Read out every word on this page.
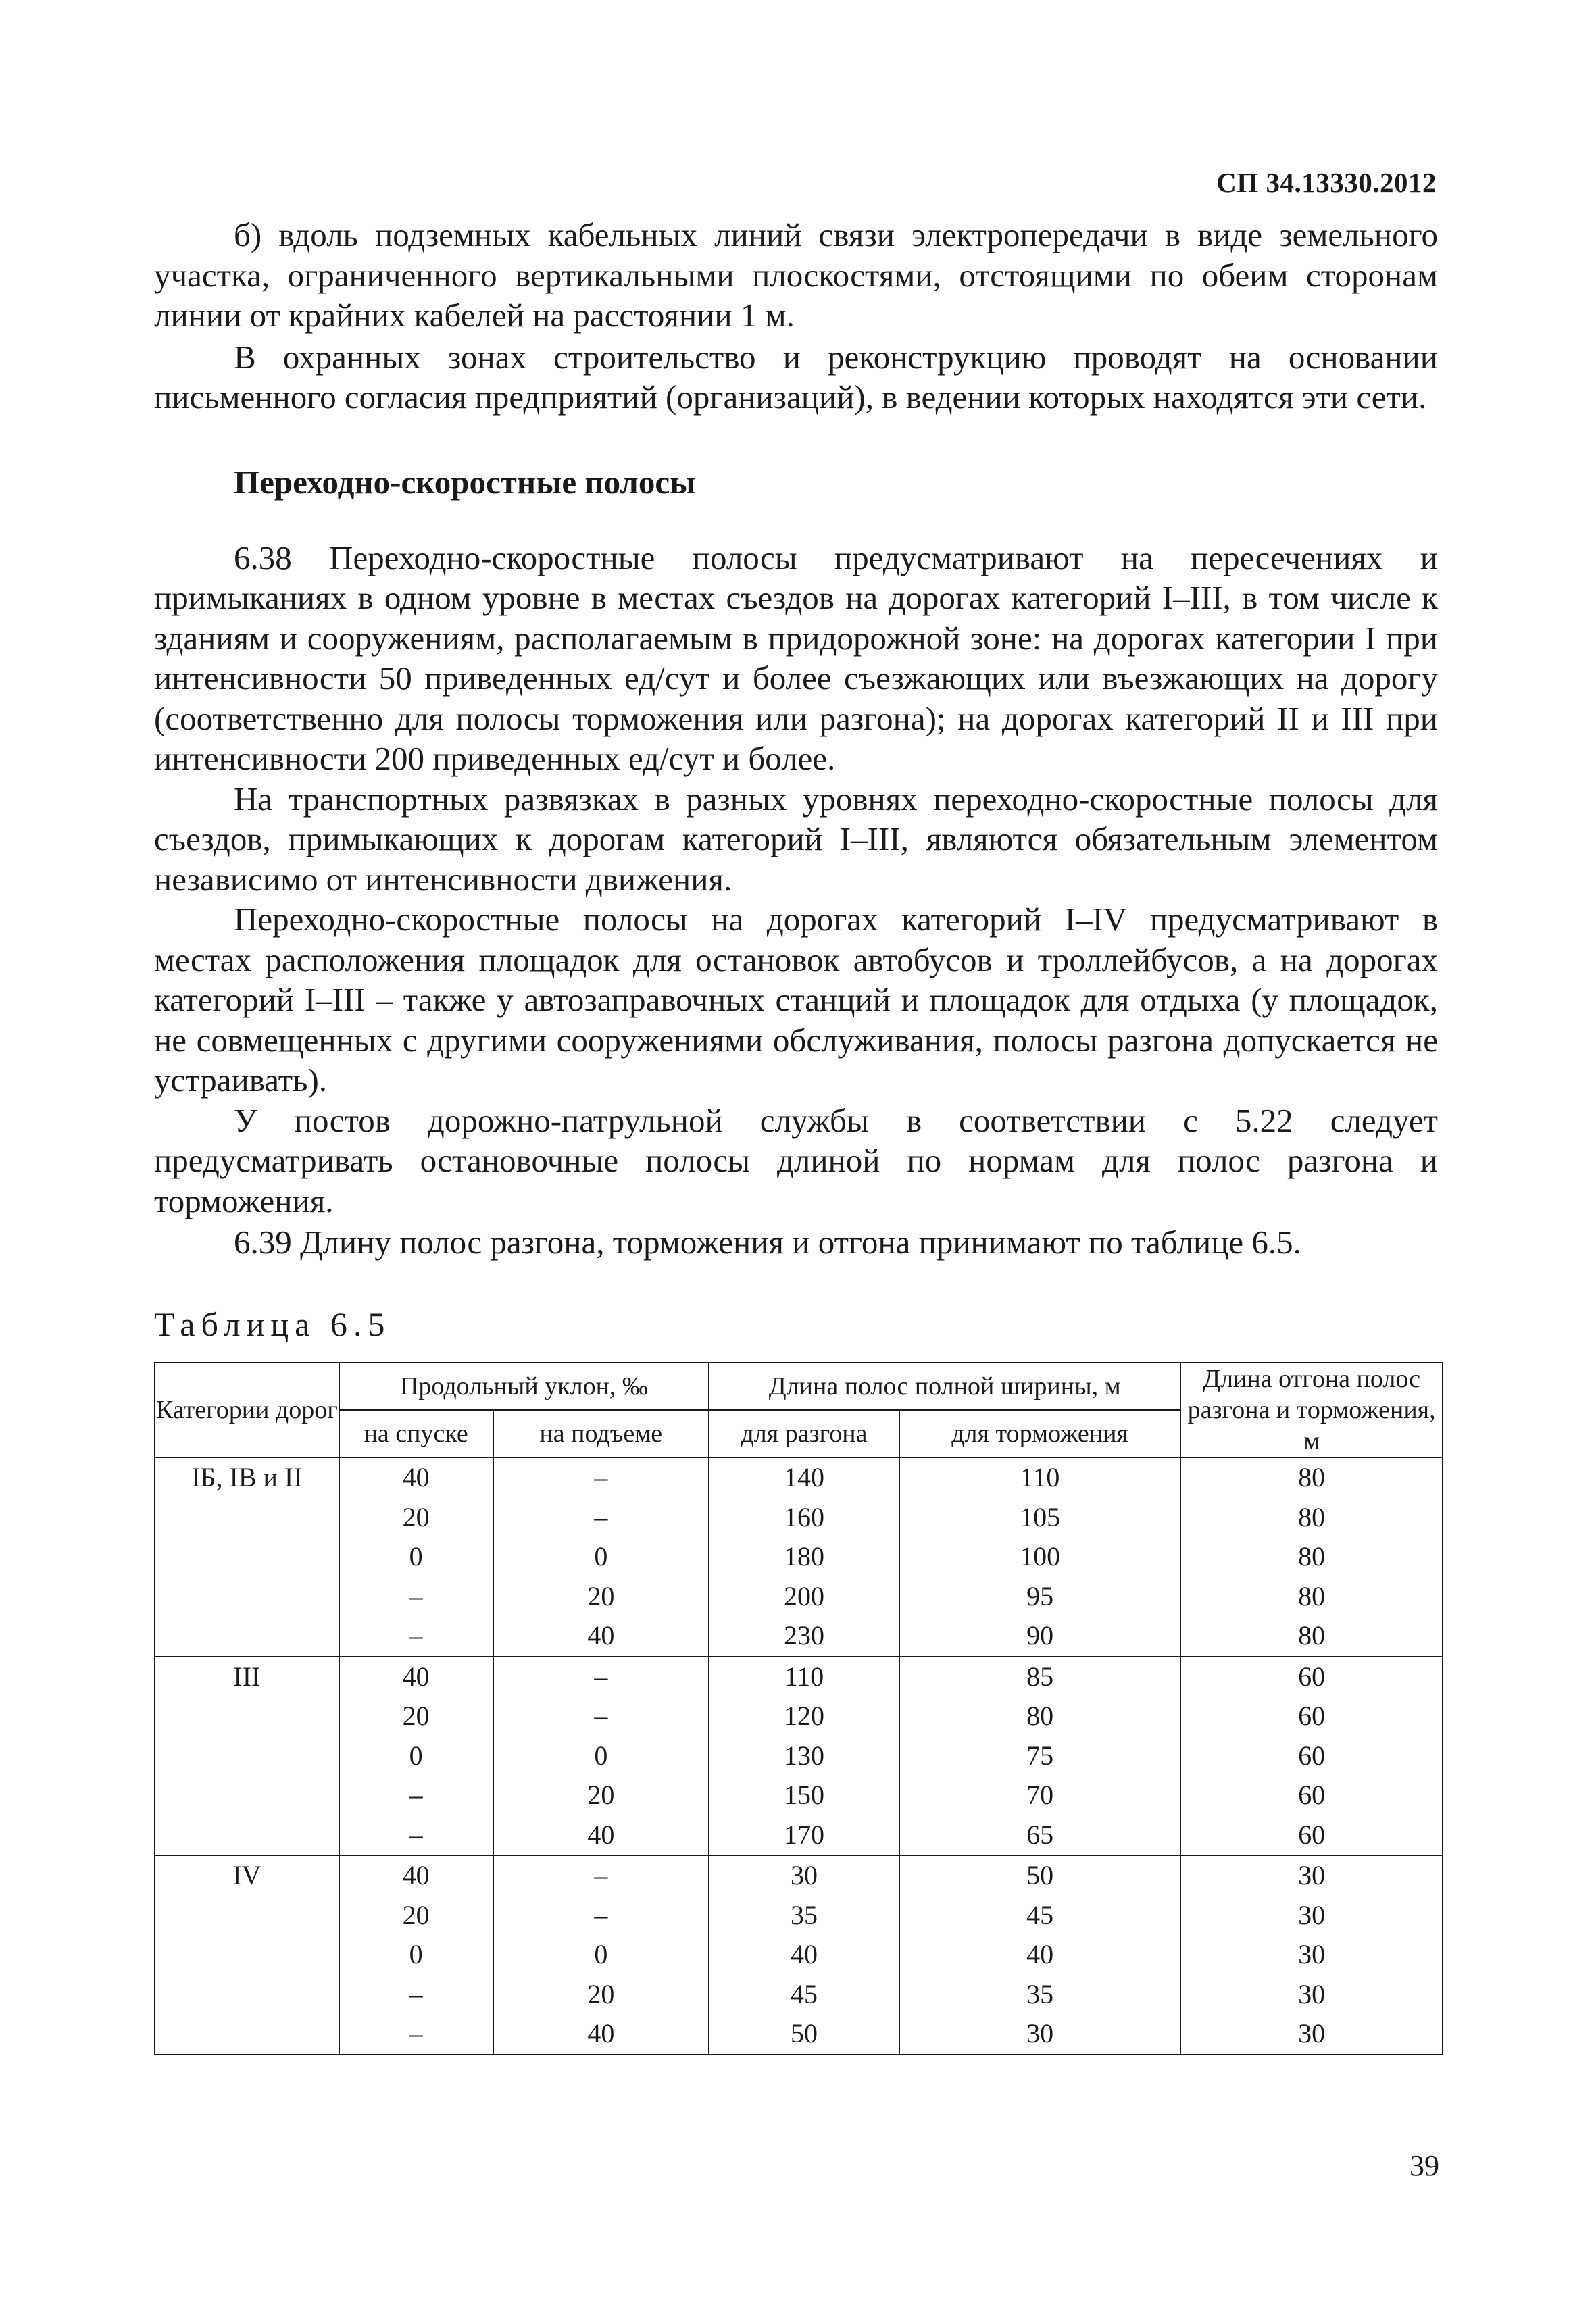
СП 34.13330.2012

б) вдоль подземных кабельных линий связи электропередачи в виде земельного участка, ограниченного вертикальными плоскостями, отстоящими по обеим сторонам линии от крайних кабелей на расстоянии 1 м.

В охранных зонах строительство и реконструкцию проводят на основании письменного согласия предприятий (организаций), в ведении которых находятся эти сети.

Переходно-скоростные полосы

6.38 Переходно-скоростные полосы предусматривают на пересечениях и примыканиях в одном уровне в местах съездов на дорогах категорий I–III, в том числе к зданиям и сооружениям, располагаемым в придорожной зоне: на дорогах категории I при интенсивности 50 приведенных ед/сут и более съезжающих или въезжающих на дорогу (соответственно для полосы торможения или разгона); на дорогах категорий II и III при интенсивности 200 приведенных ед/сут и более.

На транспортных развязках в разных уровнях переходно-скоростные полосы для съездов, примыкающих к дорогам категорий I–III, являются обязательным элементом независимо от интенсивности движения.

Переходно-скоростные полосы на дорогах категорий I–IV предусматривают в местах расположения площадок для остановок автобусов и троллейбусов, а на дорогах категорий I–III – также у автозаправочных станций и площадок для отдыха (у площадок, не совмещенных с другими сооружениями обслуживания, полосы разгона допускается не устраивать).

У постов дорожно-патрульной службы в соответствии с 5.22 следует предусматривать остановочные полосы длиной по нормам для полос разгона и торможения.

6.39 Длину полос разгона, торможения и отгона принимают по таблице 6.5.

Таблица 6.5
Категории дорог	Продольный уклон, ‰		Длина полос полной ширины, м		Длина отгона полос разгона и торможения, м
	на спуске	на подъеме	для разгона	для торможения	
IБ, IВ и II	40	–	140	110	80
	20	–	160	105	80
	0	0	180	100	80
	–	20	200	95	80
	–	40	230	90	80
III	40	–	110	85	60
	20	–	120	80	60
	0	0	130	75	60
	–	20	150	70	60
	–	40	170	65	60
IV	40	–	30	50	30
	20	–	35	45	30
	0	0	40	40	30
	–	20	45	35	30
	–	40	50	30	30
39
